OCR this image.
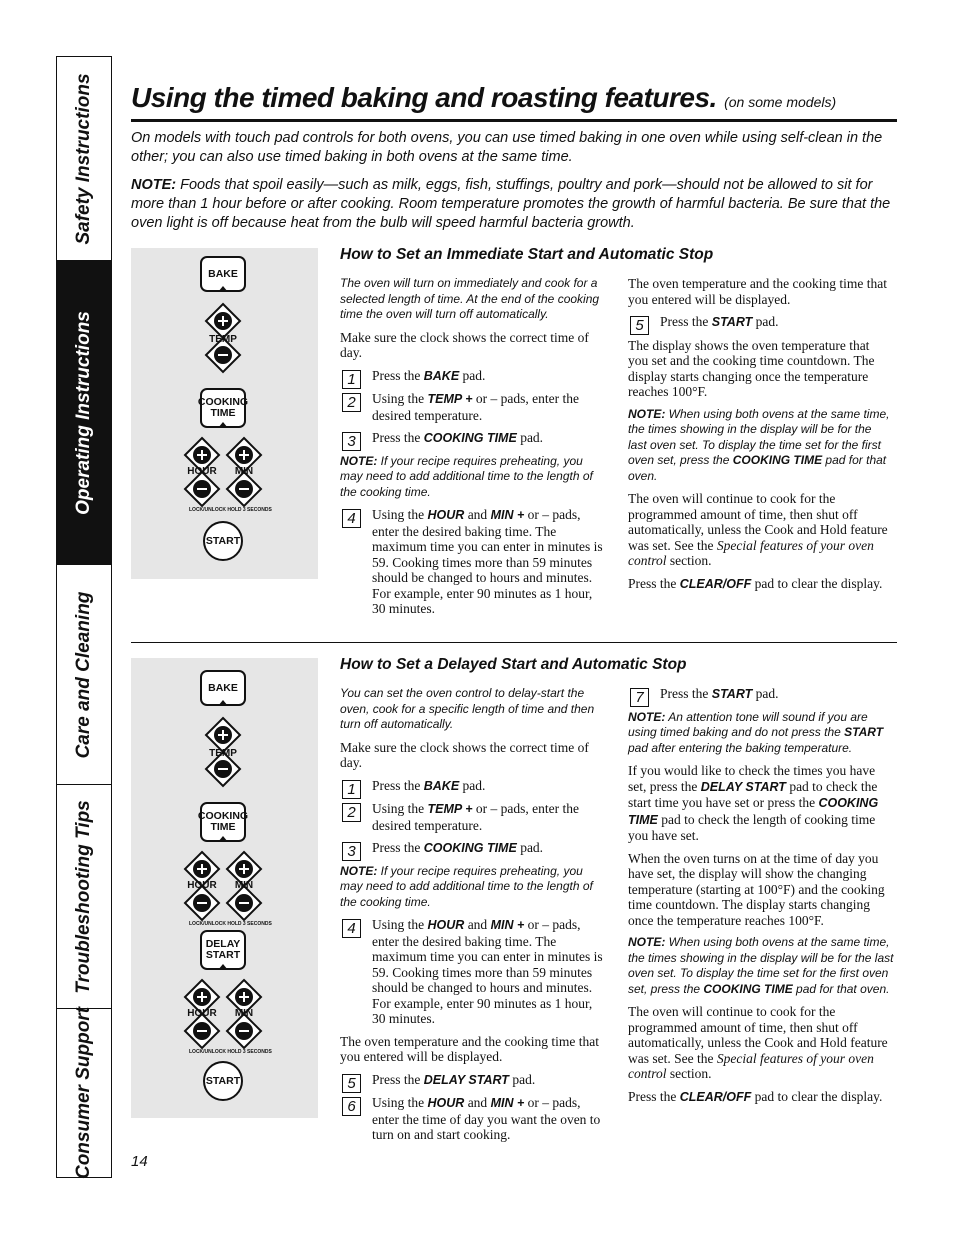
Safety Instructions
Operating Instructions
Care and Cleaning
Troubleshooting Tips
Consumer Support
Using the timed baking and roasting features. (on some models)
On models with touch pad controls for both ovens, you can use timed baking in one oven while using self-clean in the other; you can also use timed baking in both ovens at the same time.
NOTE: Foods that spoil easily—such as milk, eggs, fish, stuffings, poultry and pork—should not be allowed to sit for more than 1 hour before or after cooking. Room temperature promotes the growth of harmful bacteria. Be sure that the oven light is off because heat from the bulb will speed harmful bacteria growth.
BAKE
TEMP
COOKING
TIME
HOUR	MIN
LOCK/UNLOCK HOLD 3 SECONDS
START
How to Set an Immediate Start and Automatic Stop

The oven will turn on immediately and cook for a selected length of time. At the end of the cooking time the oven will turn off automatically.

Make sure the clock shows the correct time of day.

1	Press the BAKE pad.
2	Using the TEMP + or – pads, enter the desired temperature.
3	Press the COOKING TIME pad.

NOTE: If your recipe requires preheating, you may need to add additional time to the length of the cooking time.

4	Using the HOUR and MIN + or – pads, enter the desired baking time. The maximum time you can enter in minutes is 59. Cooking times more than 59 minutes should be changed to hours and minutes. For example, enter 90 minutes as 1 hour, 30 minutes.

The oven temperature and the cooking time that you entered will be displayed.

5	Press the START pad.

The display shows the oven temperature that you set and the cooking time countdown. The display starts changing once the temperature reaches 100°F.

NOTE: When using both ovens at the same time, the times showing in the display will be for the last oven set. To display the time set for the first oven set, press the COOKING TIME pad for that oven.

The oven will continue to cook for the programmed amount of time, then shut off automatically, unless the Cook and Hold feature was set. See the Special features of your oven control section.

Press the CLEAR/OFF pad to clear the display.

BAKE
TEMP
COOKING
TIME
HOUR	MIN
LOCK/UNLOCK HOLD 3 SECONDS
DELAY
START
HOUR	MIN
LOCK/UNLOCK HOLD 3 SECONDS
START
How to Set a Delayed Start and Automatic Stop

You can set the oven control to delay-start the oven, cook for a specific length of time and then turn off automatically.

Make sure the clock shows the correct time of day.

1	Press the BAKE pad.
2	Using the TEMP + or – pads, enter the desired temperature.
3	Press the COOKING TIME pad.

NOTE: If your recipe requires preheating, you may need to add additional time to the length of the cooking time.

4	Using the HOUR and MIN + or – pads, enter the desired baking time. The maximum time you can enter in minutes is 59. Cooking times more than 59 minutes should be changed to hours and minutes. For example, enter 90 minutes as 1 hour, 30 minutes.

The oven temperature and the cooking time that you entered will be displayed.

5	Press the DELAY START pad.
6	Using the HOUR and MIN + or – pads, enter the time of day you want the oven to turn on and start cooking.
7	Press the START pad.

NOTE: An attention tone will sound if you are using timed baking and do not press the START pad after entering the baking temperature.

If you would like to check the times you have set, press the DELAY START pad to check the start time you have set or press the COOKING TIME pad to check the length of cooking time you have set.

When the oven turns on at the time of day you have set, the display will show the changing temperature (starting at 100°F) and the cooking time countdown. The display starts changing once the temperature reaches 100°F.

NOTE: When using both ovens at the same time, the times showing in the display will be for the last oven set. To display the time set for the first oven set, press the COOKING TIME pad for that oven.

The oven will continue to cook for the programmed amount of time, then shut off automatically, unless the Cook and Hold feature was set. See the Special features of your oven control section.

Press the CLEAR/OFF pad to clear the display.

14
